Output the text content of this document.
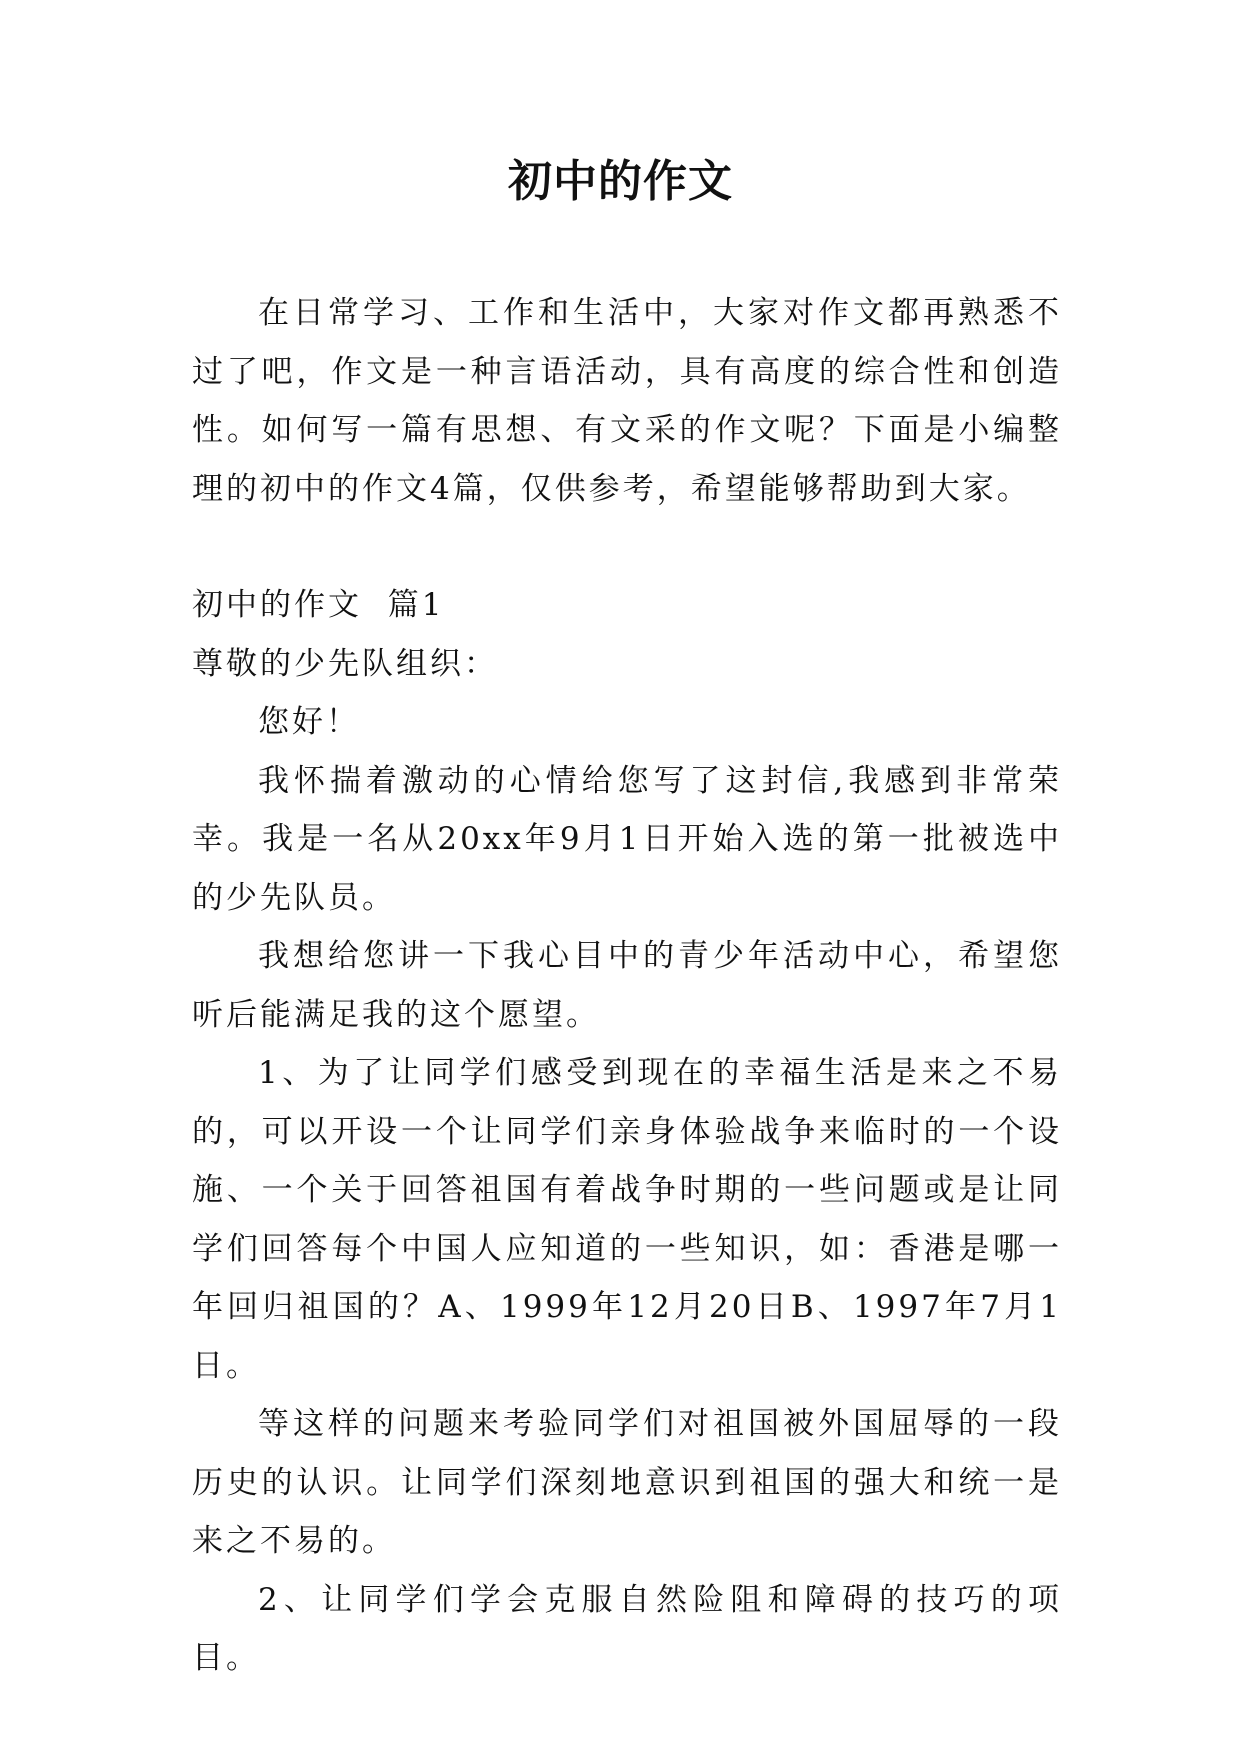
初中的作文

在日常学习、工作和生活中，大家对作文都再熟悉不过了吧，作文是一种言语活动，具有高度的综合性和创造性。如何写一篇有思想、有文采的作文呢？下面是小编整理的初中的作文4篇，仅供参考，希望能够帮助到大家。

初中的作文  篇1

尊敬的少先队组织：

您好！

我怀揣着激动的心情给您写了这封信,我感到非常荣幸。我是一名从20xx年9月1日开始入选的第一批被选中的少先队员。

我想给您讲一下我心目中的青少年活动中心，希望您听后能满足我的这个愿望。

1、为了让同学们感受到现在的幸福生活是来之不易的，可以开设一个让同学们亲身体验战争来临时的一个设施、一个关于回答祖国有着战争时期的一些问题或是让同学们回答每个中国人应知道的一些知识，如：香港是哪一年回归祖国的？A、1999年12月20日B、1997年7月1日。

等这样的问题来考验同学们对祖国被外国屈辱的一段历史的认识。让同学们深刻地意识到祖国的强大和统一是来之不易的。

2、让同学们学会克服自然险阻和障碍的技巧的项目。
